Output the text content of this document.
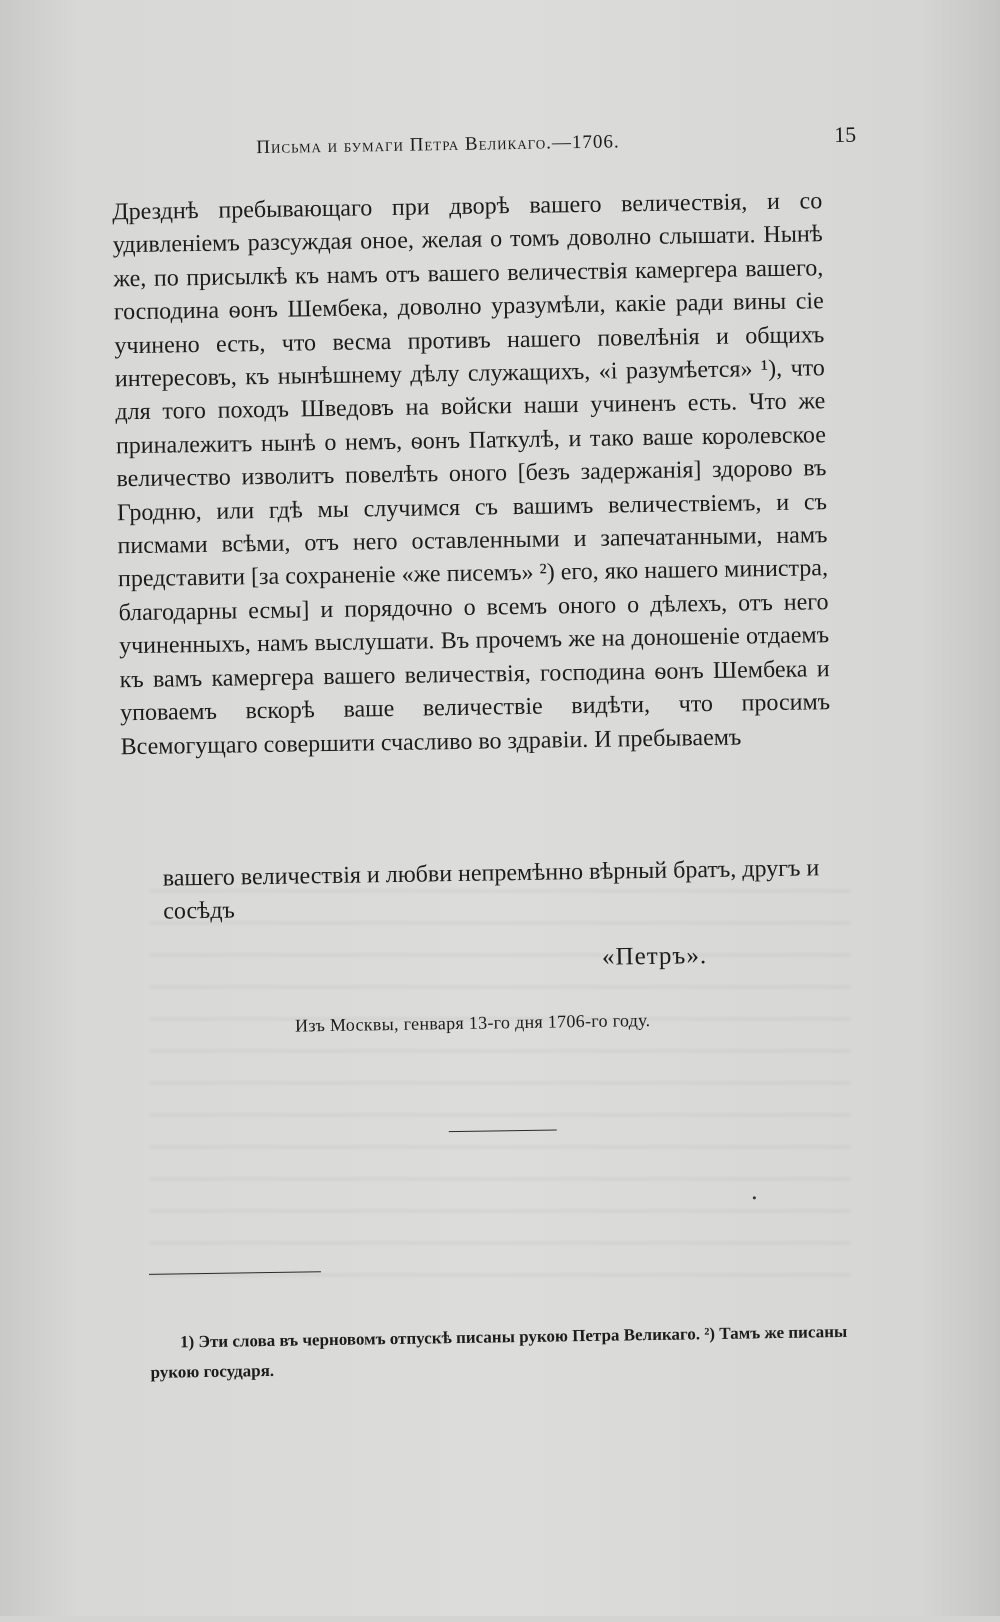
Письма и бумаги Петра Великаго.—1706.	15

Дрезднѣ пребывающаго при дворѣ вашего величествія, и со удивленіемъ разсуждая оное, желая о томъ доволно слышати. Нынѣ же, по присылкѣ къ намъ отъ вашего величествія камергера вашего, господина ѳонъ Шембека, доволно уразумѣли, какіе ради вины сіе учинено есть, что весма противъ нашего повелѣнія и общихъ интересовъ, къ нынѣшнему дѣлу служащихъ, «і разумѣется» ¹), что для того походъ Шведовъ на войски наши учиненъ есть. Что же приналежитъ нынѣ о немъ, ѳонъ Паткулѣ, и тако ваше королевское величество изволитъ повелѣть оного [безъ задержанія] здорово въ Гродню, или гдѣ мы случимся съ вашимъ величествіемъ, и съ писмами всѣми, отъ него оставленными и запечатанными, намъ представити [за сохраненіе «же писемъ» ²) его, яко нашего министра, благодарны есмы] и порядочно о всемъ оного о дѣлехъ, отъ него учиненныхъ, намъ выслушати. Въ прочемъ же на доношеніе отдаемъ къ вамъ камергера вашего величествія, господина ѳонъ Шембека и уповаемъ вскорѣ ваше величествіе видѣти, что просимъ Всемогущаго совершити счасливо во здравіи. И пребываемъ

вашего величествія и любви непремѣнно вѣрный братъ, другъ и сосѣдъ

«Петръ».
Изъ Москвы, генваря 13-го дня 1706-го году.

1) Эти слова въ черновомъ отпускѣ писаны рукою Петра Великаго. ²) Тамъ же писаны рукою государя.
